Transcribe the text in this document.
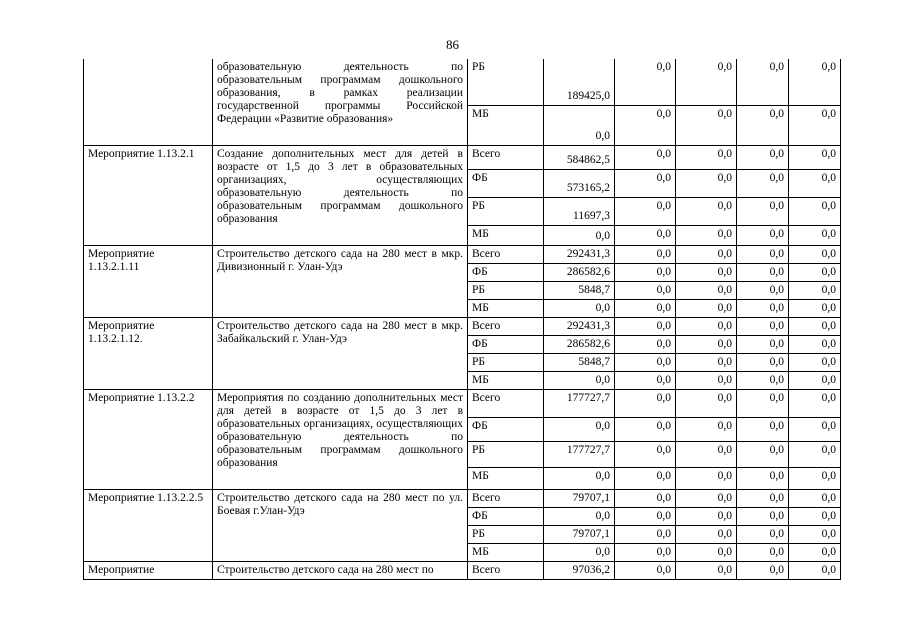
86
	образовательную деятельность по образовательным программам дошкольного образования, в рамках реализации государственной программы Российской Федерации «Развитие образования»	РБ	189425,0	0,0	0,0	0,0	0,0
		МБ	0,0	0,0	0,0	0,0	0,0
Мероприятие 1.13.2.1	Создание дополнительных мест для детей в возрасте от 1,5 до 3 лет в образовательных организациях, осуществляющих образовательную деятельность по образовательным программам дошкольного образования	Всего	584862,5	0,0	0,0	0,0	0,0
		ФБ	573165,2	0,0	0,0	0,0	0,0
		РБ	11697,3	0,0	0,0	0,0	0,0
		МБ	0,0	0,0	0,0	0,0	0,0
Мероприятие 1.13.2.1.11	Строительство детского сада на 280 мест в мкр. Дивизионный г. Улан-Удэ	Всего	292431,3	0,0	0,0	0,0	0,0
		ФБ	286582,6	0,0	0,0	0,0	0,0
		РБ	5848,7	0,0	0,0	0,0	0,0
		МБ	0,0	0,0	0,0	0,0	0,0
Мероприятие 1.13.2.1.12.	Строительство детского сада на 280 мест в мкр. Забайкальский г. Улан-Удэ	Всего	292431,3	0,0	0,0	0,0	0,0
		ФБ	286582,6	0,0	0,0	0,0	0,0
		РБ	5848,7	0,0	0,0	0,0	0,0
		МБ	0,0	0,0	0,0	0,0	0,0
Мероприятие 1.13.2.2	Мероприятия по созданию дополнительных мест для детей в возрасте от 1,5 до 3 лет в образовательных организациях, осуществляющих образовательную деятельность по образовательным программам дошкольного образования	Всего	177727,7	0,0	0,0	0,0	0,0
		ФБ	0,0	0,0	0,0	0,0	0,0
		РБ	177727,7	0,0	0,0	0,0	0,0
		МБ	0,0	0,0	0,0	0,0	0,0
Мероприятие 1.13.2.2.5	Строительство детского сада на 280 мест по ул. Боевая г.Улан-Удэ	Всего	79707,1	0,0	0,0	0,0	0,0
		ФБ	0,0	0,0	0,0	0,0	0,0
		РБ	79707,1	0,0	0,0	0,0	0,0
		МБ	0,0	0,0	0,0	0,0	0,0
Мероприятие	Строительство детского сада на 280 мест по	Всего	97036,2	0,0	0,0	0,0	0,0
